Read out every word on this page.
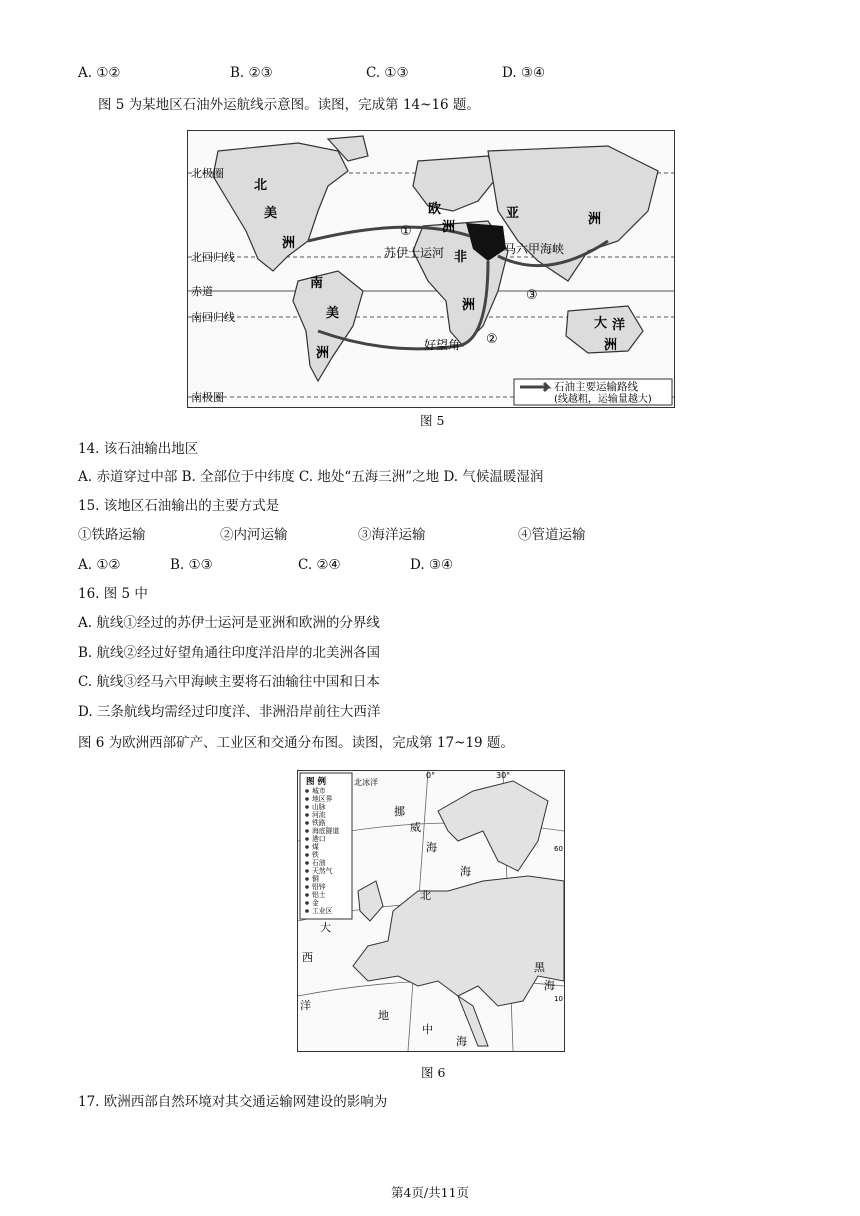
A. ①②	B. ②③	C. ①③	D. ③④
图 5 为某地区石油外运航线示意图。读图，完成第 14~16 题。
北极圈
北回归线
赤道
南回归线
南极圈
北
美
洲
南
美
洲
欧
洲
亚	洲
非
洲
大 洋
洲
苏伊士运河	马六甲海峡
好望角
①
②
③
石油主要运输路线
(线越粗，运输量越大)
图 5
14. 该石油输出地区
A. 赤道穿过中部 B. 全部位于中纬度 C. 地处“五海三洲”之地 D. 气候温暖湿润
15. 该地区石油输出的主要方式是
①铁路运输	②内河运输	③海洋运输	④管道运输
A. ①②	B. ①③	C. ②④	D. ③④
16. 图 5 中
A. 航线①经过的苏伊士运河是亚洲和欧洲的分界线
B. 航线②经过好望角通往印度洋沿岸的北美洲各国
C. 航线③经马六甲海峡主要将石油输往中国和日本
D. 三条航线均需经过印度洋、非洲沿岸前往大西洋
图 6 为欧洲西部矿产、工业区和交通分布图。读图，完成第 17~19 题。
图 例
城市
地区界
山脉
河流
铁路
海底隧道
港口
煤
铁
石油
天然气
铜
铅锌
铝土
金
工业区
北冰洋
挪
威
海
北
海
大
西
洋
地
中
海
黑
海
0°	30°
60
10
图 6
17. 欧洲西部自然环境对其交通运输网建设的影响为
第4页/共11页
